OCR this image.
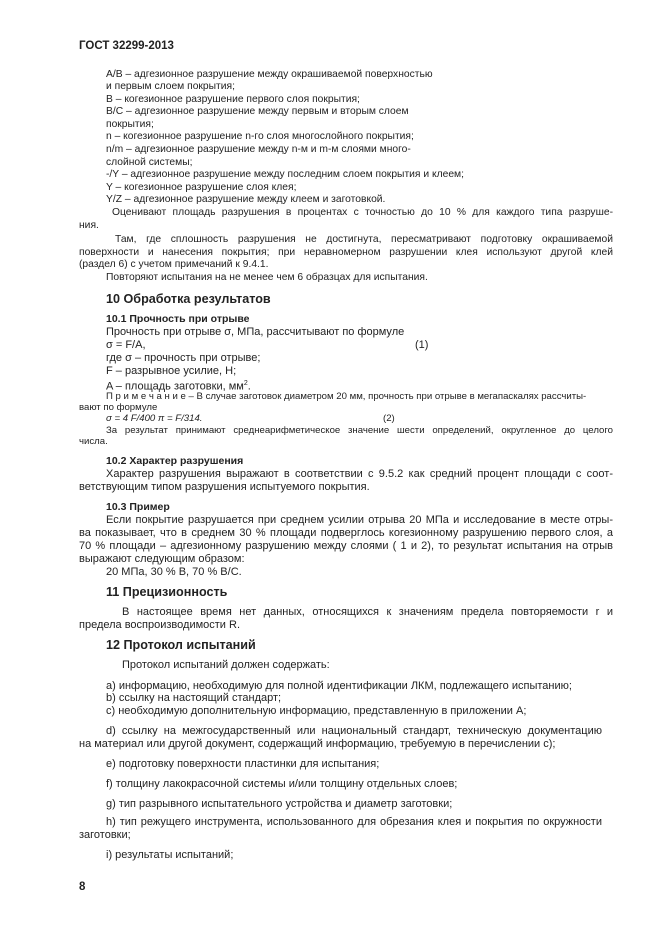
ГОСТ 32299-2013
A/B – адгезионное разрушение между окрашиваемой поверхностью
и первым слоем покрытия;
B – когезионное разрушение первого слоя покрытия;
B/C – адгезионное разрушение между первым и вторым слоем
покрытия;
n – когезионное разрушение n-го слоя многослойного покрытия;
n/m – адгезионное разрушение между n-м и m-м слоями много-
слойной системы;
-/Y – адгезионное разрушение между последним слоем покрытия и клеем;
Y – когезионное разрушение слоя клея;
Y/Z – адгезионное разрушение между клеем и заготовкой.
Оценивают площадь разрушения в процентах с точностью до 10 % для каждого типа разруше-
ния.
Там, где сплошность разрушения не достигнута, пересматривают подготовку окрашиваемой
поверхности и нанесения покрытия; при неравномерном разрушении клея используют другой клей
(раздел 6) с учетом примечаний к 9.4.1.
Повторяют испытания на не менее чем 6 образцах для испытания.
10 Обработка результатов
10.1 Прочность при отрыве
Прочность при отрыве σ, МПа, рассчитывают по формуле
σ = F/A,	(1)
где σ – прочность при отрыве;
F – разрывное усилие, Н;
A – площадь заготовки, $мм^2$.
П р и м е ч а н и е – В случае заготовок диаметром 20 мм, прочность при отрыве в мегапаскалях рассчиты-
вают по формуле
σ = 4 F/400 π = F/314.	(2)
За результат принимают среднеарифметическое значение шести определений, округленное до целого
числа.
10.2 Характер разрушения
Характер разрушения выражают в соответствии с 9.5.2 как средний процент площади с соот-
ветствующим типом разрушения испытуемого покрытия.
10.3 Пример
Если покрытие разрушается при среднем усилии отрыва 20 МПа и исследование в месте отры-
ва показывает, что в среднем 30 % площади подверглось когезионному разрушению первого слоя, а
70 % площади – адгезионному разрушению между слоями ( 1 и 2), то результат испытания на отрыв
выражают следующим образом:
20 МПа, 30 % B, 70 % B/C.
11 Прецизионность
В настоящее время нет данных, относящихся к значениям предела повторяемости r и
предела воспроизводимости R.
12 Протокол испытаний
Протокол испытаний должен содержать:
a) информацию, необходимую для полной идентификации ЛКМ, подлежащего испытанию;
b) ссылку на настоящий стандарт;
c) необходимую дополнительную информацию, представленную в приложении А;
d) ссылку на межгосударственный или национальный стандарт, техническую документацию
на материал или другой документ, содержащий информацию, требуемую в перечислении с);
e) подготовку поверхности пластинки для испытания;
f) толщину лакокрасочной системы и/или толщину отдельных слоев;
g) тип разрывного испытательного устройства и диаметр заготовки;
h) тип режущего инструмента, использованного для обрезания клея и покрытия по окружности
заготовки;
i) результаты испытаний;
8
